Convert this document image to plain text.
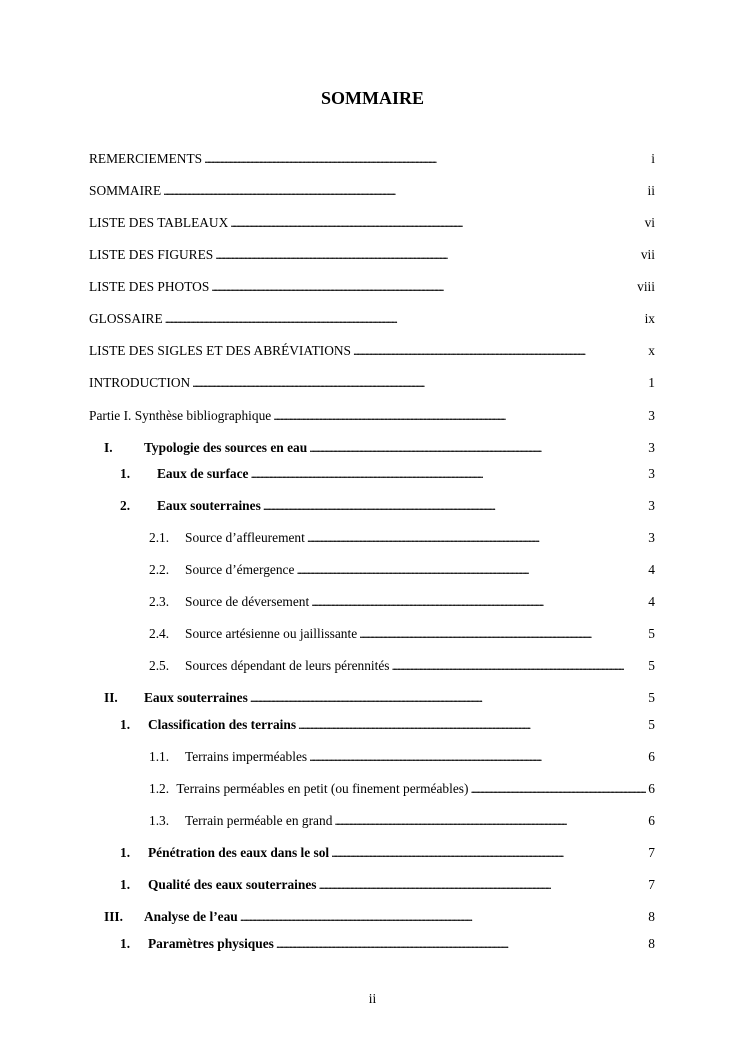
SOMMAIRE
REMERCIEMENTS . . .	i
SOMMAIRE . . .	ii
LISTE DES TABLEAUX . . .	vi
LISTE DES FIGURES . . .	vii
LISTE DES PHOTOS . . .	viii
GLOSSAIRE . . .	ix
LISTE DES SIGLES ET DES ABRÉVIATIONS . . .	x
INTRODUCTION . . .	1
Partie I. Synthèse bibliographique . . .	3
I.	Typologie des sources en eau . . .	3
1.	Eaux de surface . . .	3
2.	Eaux souterraines . . .	3
2.1.	Source d’affleurement . . .	3
2.2.	Source d’émergence . . .	4
2.3.	Source de déversement . . .	4
2.4.	Source artésienne ou jaillissante . . .	5
2.5.	Sources dépendant de leurs pérennités . . .	5
II.	Eaux souterraines . . .	5
1.	Classification des terrains . . .	5
1.1.	Terrains imperméables . . .	6
1.2. Terrains perméables en petit (ou finement perméables) . . .	6
1.3.	Terrain perméable en grand . . .	6
1.	Pénétration des eaux dans le sol . . .	7
1.	Qualité des eaux souterraines . . .	7
III.	Analyse de l’eau . . .	8
1.	Paramètres physiques . . .	8
ii
